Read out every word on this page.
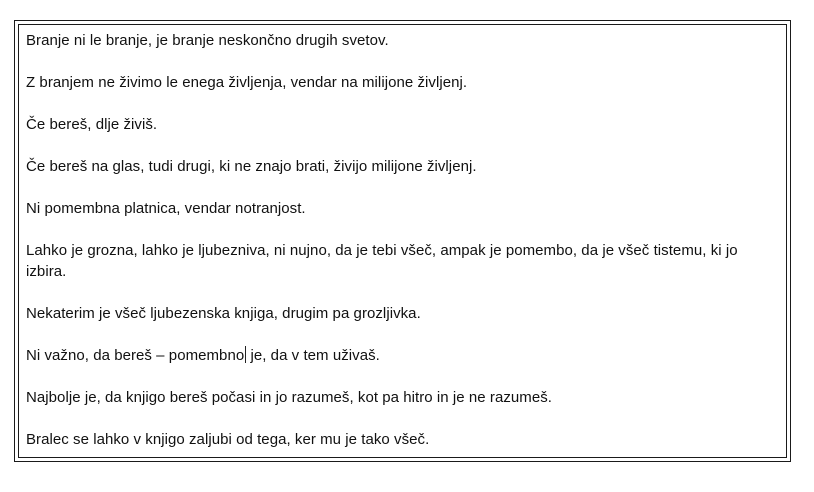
Branje ni le branje, je branje neskončno drugih svetov.

Z branjem ne živimo le enega življenja, vendar na milijone življenj.

Če bereš, dlje živiš.

Če bereš na glas, tudi drugi, ki ne znajo brati, živijo milijone življenj.

Ni pomembna platnica, vendar notranjost.

Lahko je grozna, lahko je ljubezniva, ni nujno, da je tebi všeč, ampak je pomembo, da je všeč tistemu, ki jo izbira.

Nekaterim je všeč ljubezenska knjiga, drugim pa grozljivka.

Ni važno, da bereš – pomembno je, da v tem uživaš.

Najbolje je, da knjigo bereš počasi in jo razumeš, kot pa hitro in je ne razumeš.

Bralec se lahko v knjigo zaljubi od tega, ker mu je tako všeč.
